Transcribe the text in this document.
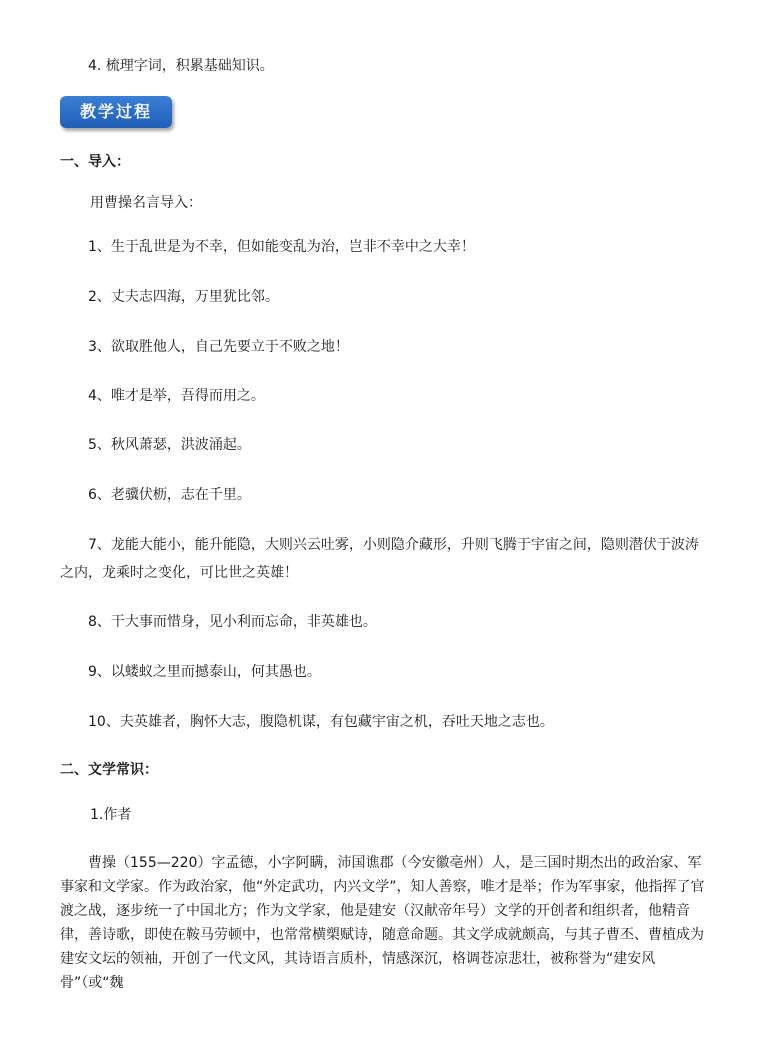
4. 梳理字词，积累基础知识。
教学过程
一、导入：
用曹操名言导入：
1、生于乱世是为不幸，但如能变乱为治，岂非不幸中之大幸！
2、丈夫志四海，万里犹比邻。
3、欲取胜他人，自己先要立于不败之地！
4、唯才是举，吾得而用之。
5、秋风萧瑟，洪波涌起。
6、老骥伏枥，志在千里。
7、龙能大能小，能升能隐，大则兴云吐雾，小则隐介藏形，升则飞腾于宇宙之间，隐则潜伏于波涛之内，龙乘时之变化，可比世之英雄！
8、干大事而惜身，见小利而忘命，非英雄也。
9、以蝼蚁之里而撼泰山，何其愚也。
10、夫英雄者，胸怀大志，腹隐机谋，有包藏宇宙之机，吞吐天地之志也。
二、文学常识：
1.作者
曹操（155—220）字孟德，小字阿瞒，沛国谯郡（今安徽亳州）人，是三国时期杰出的政治家、军事家和文学家。作为政治家，他“外定武功，内兴文学”，知人善察，唯才是举；作为军事家，他指挥了官渡之战，逐步统一了中国北方；作为文学家，他是建安（汉献帝年号）文学的开创者和组织者，他精音律，善诗歌，即使在鞍马劳顿中，也常常横槊赋诗，随意命题。其文学成就颇高，与其子曹丕、曹植成为建安文坛的领袖，开创了一代文风，其诗语言质朴，情感深沉，格调苍凉悲壮，被称誉为“建安风骨”（或“魏
